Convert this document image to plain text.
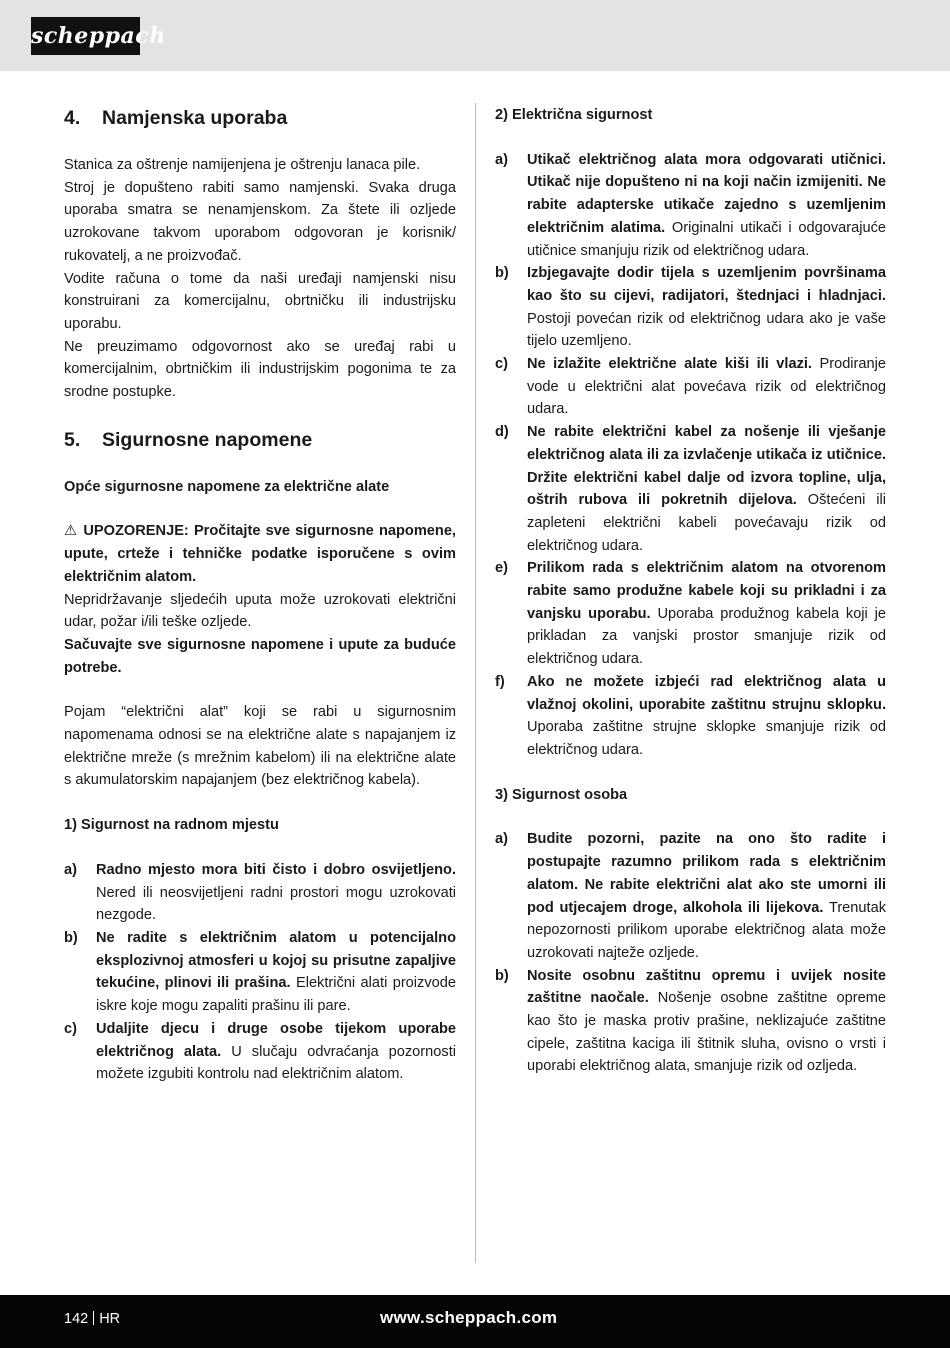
scheppach
4.	Namjenska uporaba

Stanica za oštrenje namijenjena je oštrenju lanaca pile.

Stroj je dopušteno rabiti samo namjenski. Svaka druga uporaba smatra se nenamjenskom. Za štete ili ozljede uzrokovane takvom uporabom odgovoran je korisnik/ rukovatelj, a ne proizvođač.

Vodite računa o tome da naši uređaji namjenski nisu konstruirani za komercijalnu, obrtničku ili industrijsku uporabu.

Ne preuzimamo odgovornost ako se uređaj rabi u komercijalnim, obrtničkim ili industrijskim pogonima te za srodne postupke.

5.	Sigurnosne napomene
Opće sigurnosne napomene za električne alate

⚠ UPOZORENJE: Pročitajte sve sigurnosne napomene, upute, crteže i tehničke podatke isporučene s ovim električnim alatom.

Nepridržavanje sljedećih uputa može uzrokovati električni udar, požar i/ili teške ozljede.

Sačuvajte sve sigurnosne napomene i upute za buduće potrebe.

Pojam “električni alat” koji se rabi u sigurnosnim napomenama odnosi se na električne alate s napajanjem iz električne mreže (s mrežnim kabelom) ili na električne alate s akumulatorskim napajanjem (bez električnog kabela).

1) Sigurnost na radnom mjestu
a)	Radno mjesto mora biti čisto i dobro osvijetljeno. Nered ili neosvijetljeni radni prostori mogu uzrokovati nezgode.
b)	Ne radite s električnim alatom u potencijalno eksplozivnoj atmosferi u kojoj su prisutne zapaljive tekućine, plinovi ili prašina. Električni alati proizvode iskre koje mogu zapaliti prašinu ili pare.
c)	Udaljite djecu i druge osobe tijekom uporabe električnog alata. U slučaju odvraćanja pozornosti možete izgubiti kontrolu nad električnim alatom.
2) Električna sigurnost
a)	Utikač električnog alata mora odgovarati utičnici. Utikač nije dopušteno ni na koji način izmijeniti. Ne rabite adapterske utikače zajedno s uzemljenim električnim alatima. Originalni utikači i odgovarajuće utičnice smanjuju rizik od električnog udara.
b)	Izbjegavajte dodir tijela s uzemljenim površinama kao što su cijevi, radijatori, štednjaci i hladnjaci. Postoji povećan rizik od električnog udara ako je vaše tijelo uzemljeno.
c)	Ne izlažite električne alate kiši ili vlazi. Prodiranje vode u električni alat povećava rizik od električnog udara.
d)	Ne rabite električni kabel za nošenje ili vješanje električnog alata ili za izvlačenje utikača iz utičnice. Držite električni kabel dalje od izvora topline, ulja, oštrih rubova ili pokretnih dijelova. Oštećeni ili zapleteni električni kabeli povećavaju rizik od električnog udara.
e)	Prilikom rada s električnim alatom na otvorenom rabite samo produžne kabele koji su prikladni i za vanjsku uporabu. Uporaba produžnog kabela koji je prikladan za vanjski prostor smanjuje rizik od električnog udara.
f)	Ako ne možete izbjeći rad električnog alata u vlažnoj okolini, uporabite zaštitnu strujnu sklopku. Uporaba zaštitne strujne sklopke smanjuje rizik od električnog udara.
3) Sigurnost osoba
a)	Budite pozorni, pazite na ono što radite i postupajte razumno prilikom rada s električnim alatom. Ne rabite električni alat ako ste umorni ili pod utjecajem droge, alkohola ili lijekova. Trenutak nepozornosti prilikom uporabe električnog alata može uzrokovati najteže ozljede.
b)	Nosite osobnu zaštitnu opremu i uvijek nosite zaštitne naočale. Nošenje osobne zaštitne opreme kao što je maska protiv prašine, neklizajuće zaštitne cipele, zaštitna kaciga ili štitnik sluha, ovisno o vrsti i uporabi električnog alata, smanjuje rizik od ozljeda.
142 HR	www.scheppach.com
